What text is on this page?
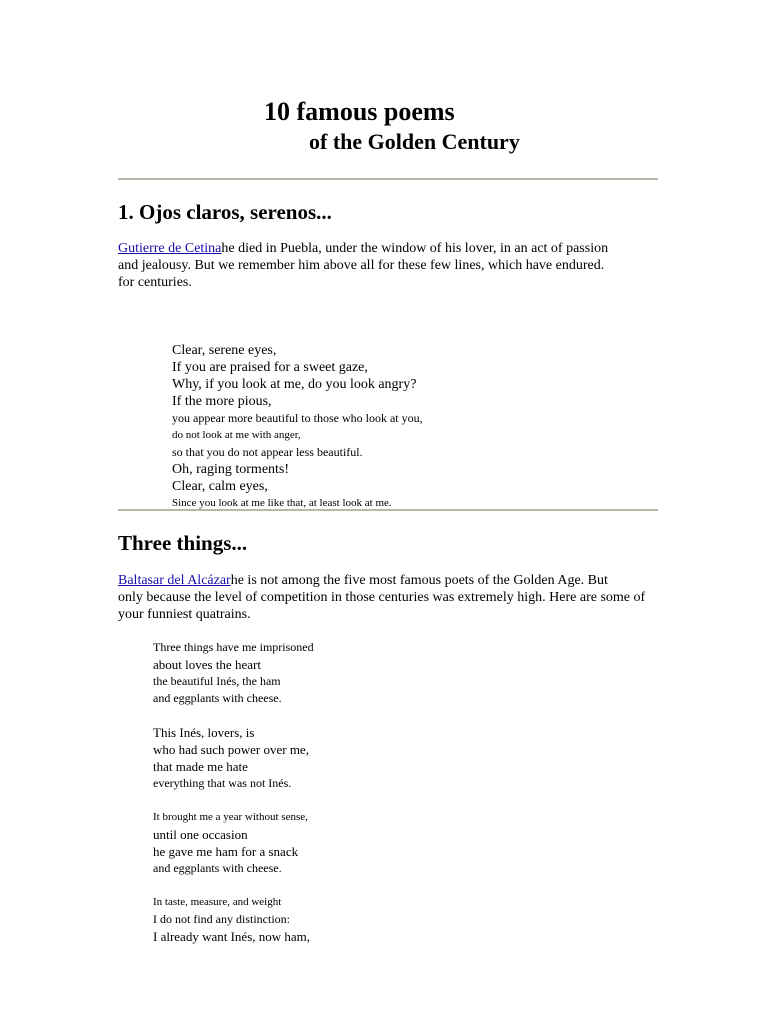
10 famous poems
of the Golden Century
1. Ojos claros, serenos...

Gutierre de Cetinahe died in Puebla, under the window of his lover, in an act of passion
and jealousy. But we remember him above all for these few lines, which have endured.
for centuries.

Clear, serene eyes,
If you are praised for a sweet gaze,
Why, if you look at me, do you look angry?
If the more pious,
you appear more beautiful to those who look at you,
do not look at me with anger,
so that you do not appear less beautiful.
Oh, raging torments!
Clear, calm eyes,
Since you look at me like that, at least look at me.
Three things...

Baltasar del Alcázarhe is not among the five most famous poets of the Golden Age. But
only because the level of competition in those centuries was extremely high. Here are some of
your funniest quatrains.

Three things have me imprisoned
about loves the heart
the beautiful Inés, the ham
and eggplants with cheese.
This Inés, lovers, is
who had such power over me,
that made me hate
everything that was not Inés.
It brought me a year without sense,
until one occasion
he gave me ham for a snack
and eggplants with cheese.
In taste, measure, and weight
I do not find any distinction:
I already want Inés, now ham,
